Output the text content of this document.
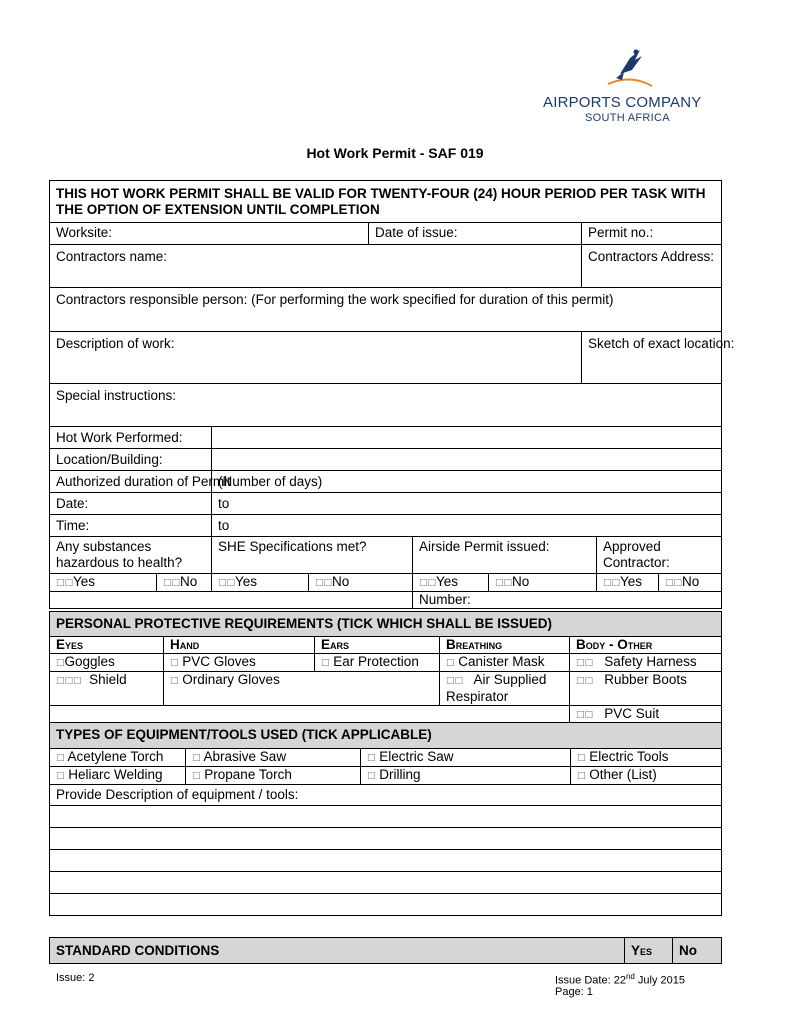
AIRPORTS COMPANY
SOUTH AFRICA
Hot Work Permit - SAF 019
THIS HOT WORK PERMIT SHALL BE VALID FOR TWENTY-FOUR (24) HOUR PERIOD PER TASK WITH THE OPTION OF EXTENSION UNTIL COMPLETION									
Worksite:				Date of issue:			Permit no.:		
Contractors name:							Contractors Address:		
Contractors responsible person: (For performing the work specified for duration of this permit)									
Description of work:							Sketch of exact location:		
Special instructions:									
Hot Work Performed:									
Location/Building:									
Authorized duration of Permit		(Number of days)							
Date:		to							
Time:		to							
Any substances hazardous to health?		SHE Specifications met?			Airside Permit issued:			Approved Contractor:	
□□Yes	□□No	□□Yes	□□No		□□Yes	□□No		□□Yes	□□No
					Number:				
PERSONAL PROTECTIVE REQUIREMENTS (TICK WHICH SHALL BE ISSUED)				
Eyes	Hand	Ears	Breathing	Body - Other
□Goggles	□ PVC Gloves	□ Ear Protection	□ Canister Mask	□□ Safety Harness
□□□ Shield	□ Ordinary Gloves		□□ Air Supplied Respirator	□□ Rubber Boots
				□□ PVC Suit
TYPES OF EQUIPMENT/TOOLS USED (TICK APPLICABLE)			
□ Acetylene Torch	□ Abrasive Saw	□ Electric Saw	□ Electric Tools
□ Heliarc Welding	□ Propane Torch	□ Drilling	□ Other (List)
Provide Description of equipment / tools:			

STANDARD CONDITIONS	Yes	No
Issue: 2	Issue Date: 22nd July 2015
Page: 1
